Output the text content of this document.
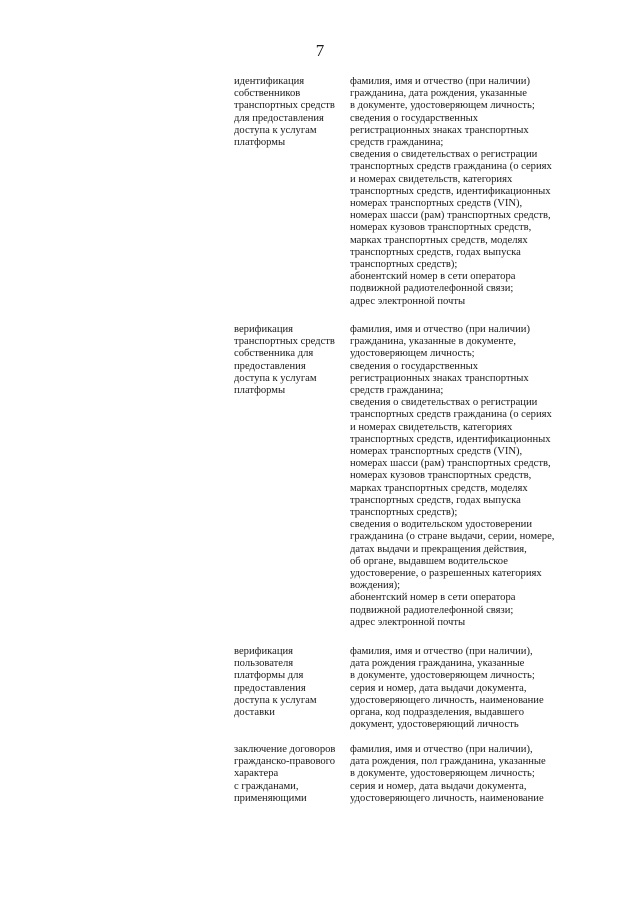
7
идентификация
собственников
транспортных средств
для предоставления
доступа к услугам
платформы
фамилия, имя и отчество (при наличии)
гражданина, дата рождения, указанные
в документе, удостоверяющем личность;
сведения о государственных
регистрационных знаках транспортных
средств гражданина;
сведения о свидетельствах о регистрации
транспортных средств гражданина (о сериях
и номерах свидетельств, категориях
транспортных средств, идентификационных
номерах транспортных средств (VIN),
номерах шасси (рам) транспортных средств,
номерах кузовов транспортных средств,
марках транспортных средств, моделях
транспортных средств, годах выпуска
транспортных средств);
абонентский номер в сети оператора
подвижной радиотелефонной связи;
адрес электронной почты
верификация
транспортных средств
собственника для
предоставления
доступа к услугам
платформы
фамилия, имя и отчество (при наличии)
гражданина, указанные в документе,
удостоверяющем личность;
сведения о государственных
регистрационных знаках транспортных
средств гражданина;
сведения о свидетельствах о регистрации
транспортных средств гражданина (о сериях
и номерах свидетельств, категориях
транспортных средств, идентификационных
номерах транспортных средств (VIN),
номерах шасси (рам) транспортных средств,
номерах кузовов транспортных средств,
марках транспортных средств, моделях
транспортных средств, годах выпуска
транспортных средств);
сведения о водительском удостоверении
гражданина (о стране выдачи, серии, номере,
датах выдачи и прекращения действия,
об органе, выдавшем водительское
удостоверение, о разрешенных категориях
вождения);
абонентский номер в сети оператора
подвижной радиотелефонной связи;
адрес электронной почты
верификация
пользователя
платформы для
предоставления
доступа к услугам
доставки
фамилия, имя и отчество (при наличии),
дата рождения гражданина, указанные
в документе, удостоверяющем личность;
серия и номер, дата выдачи документа,
удостоверяющего личность, наименование
органа, код подразделения, выдавшего
документ, удостоверяющий личность
заключение договоров
гражданско-правового
характера
с гражданами,
применяющими
фамилия, имя и отчество (при наличии),
дата рождения, пол гражданина, указанные
в документе, удостоверяющем личность;
серия и номер, дата выдачи документа,
удостоверяющего личность, наименование
